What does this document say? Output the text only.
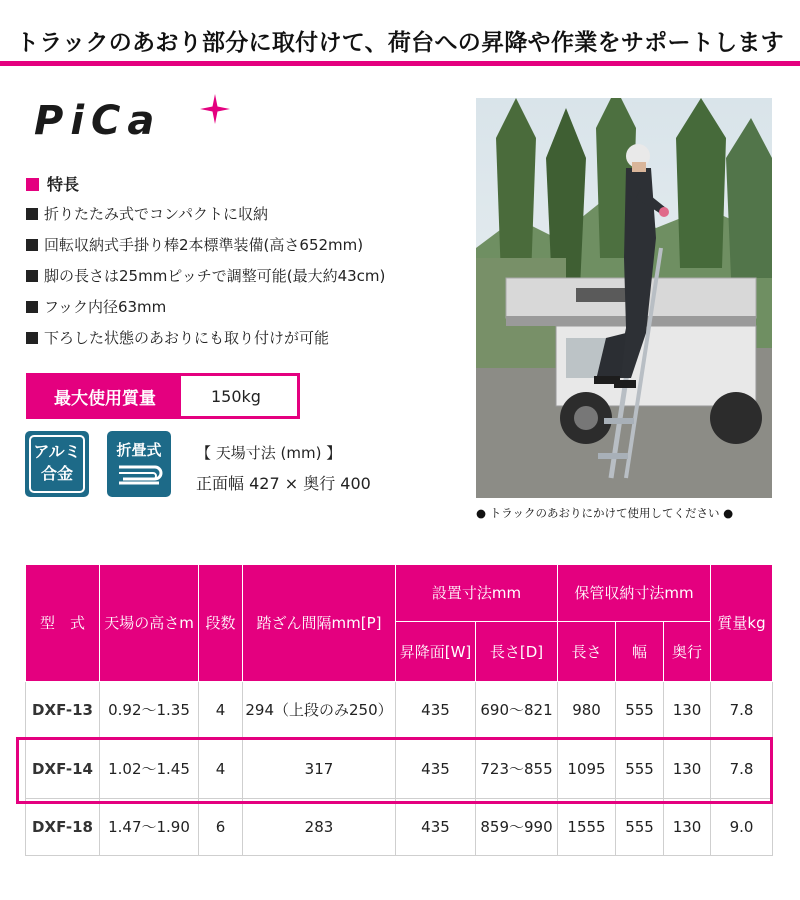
トラックのあおり部分に取付けて、荷台への昇降や作業をサポートします
PiCa
特長
折りたたみ式でコンパクトに収納
回転収納式手掛り棒2本標準装備(高さ652mm)
脚の長さは25mmピッチで調整可能(最大約43cm)
フック内径63mm
下ろした状態のあおりにも取り付けが可能
最大使用質量	150kg
アルミ
合金
折畳式	【 天場寸法 (mm) 】
正面幅 427 × 奥行 400
● トラックのあおりにかけて使用してください ●
型　式	天場の高さm	段数	踏ざん間隔mm[P]	設置寸法mm		保管収納寸法mm			質量kg
				昇降面[W]	長さ[D]	長さ	幅	奥行	
DXF-13	0.92〜1.35	4	294（上段のみ250）	435	690〜821	980	555	130	7.8
DXF-14	1.02〜1.45	4	317	435	723〜855	1095	555	130	7.8
DXF-18	1.47〜1.90	6	283	435	859〜990	1555	555	130	9.0
